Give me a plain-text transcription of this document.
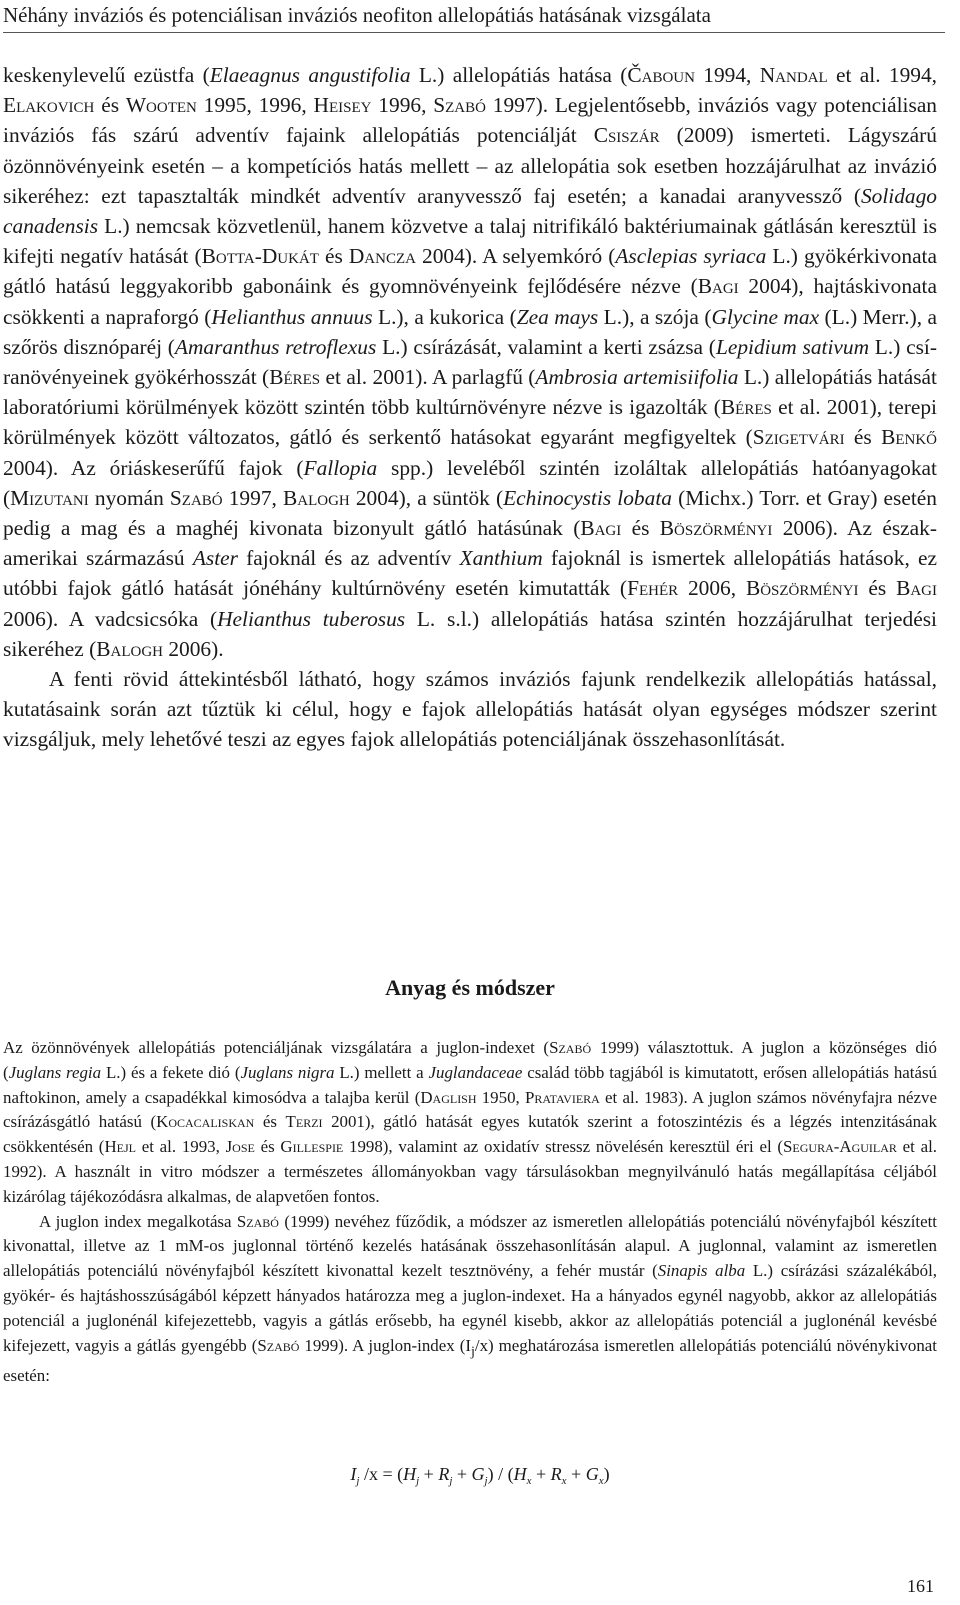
Néhány inváziós és potenciálisan inváziós neofiton allelopátiás hatásának vizsgálata

keskenylevelű ezüstfa (Elaeagnus angustifolia L.) allelopátiás hatása (Čaboun 1994, Nandal et al. 1994, Elakovich és Wooten 1995, 1996, Heisey 1996, Szabó 1997). Legjelentősebb, inváziós vagy potenciálisan inváziós fás szárú adventív fajaink allelopátiás potenciálját Csiszár (2009) ismerteti. Lágyszárú özönnövényeink esetén – a kompetíciós hatás mellett – az allelopátia sok esetben hozzájárulhat az invázió sikeréhez: ezt tapasztalták mindkét adventív aranyvessző faj esetén; a kanadai aranyvessző (Solidago canadensis L.) nemcsak közvetlenül, hanem közvetve a talaj nitrifikáló baktériumainak gátlásán keresztül is kifejti negatív hatását (Botta-Dukát és Dancza 2004). A selyemkóró (Asclepias syriaca L.) gyökérkivonata gátló hatású leggyakoribb gabonáink és gyomnövényeink fejlődésére nézve (Bagi 2004), hajtáskivonata csökkenti a napraforgó (Helianthus annuus L.), a kukorica (Zea mays L.), a szója (Glycine max (L.) Merr.), a szőrös disznóparéj (Amaranthus retroflexus L.) csírázását, valamint a kerti zsázsa (Lepidium sativum L.) csíranövényeinek gyökérhosszát (Béres et al. 2001). A parlagfű (Ambrosia artemisiifolia L.) allelopátiás hatását laboratóriumi körülmények között szintén több kultúrnövényre nézve is igazolták (Béres et al. 2001), terepi körülmények között változatos, gátló és serkentő hatásokat egyaránt megfigyeltek (Szigetvári és Benkő 2004). Az óriáskeserűfű fajok (Fallopia spp.) leveléből szintén izoláltak allelopátiás hatóanyagokat (Mizutani nyomán Szabó 1997, Balogh 2004), a süntök (Echinocystis lobata (Michx.) Torr. et Gray) esetén pedig a mag és a maghéj kivonata bizonyult gátló hatásúnak (Bagi és Böszörményi 2006). Az észak-amerikai származású Aster fajoknál és az adventív Xanthium fajoknál is ismertek allelopátiás hatások, ez utóbbi fajok gátló hatását jónéhány kultúrnövény esetén kimutatták (Fehér 2006, Böszörményi és Bagi 2006). A vadcsicsóka (Helianthus tuberosus L. s.l.) allelopátiás hatása szintén hozzájárulhat terjedési sikeréhez (Balogh 2006).

A fenti rövid áttekintésből látható, hogy számos inváziós fajunk rendelkezik allelopátiás hatással, kutatásaink során azt tűztük ki célul, hogy e fajok allelopátiás hatását olyan egységes módszer szerint vizsgáljuk, mely lehetővé teszi az egyes fajok allelopátiás potenciáljának összehasonlítását.

Anyag és módszer

Az özönnövények allelopátiás potenciáljának vizsgálatára a juglon-indexet (Szabó 1999) választottuk. A juglon a közönséges dió (Juglans regia L.) és a fekete dió (Juglans nigra L.) mellett a Juglandaceae család több tagjából is kimutatott, erősen allelopátiás hatású naftokinon, amely a csapadékkal kimosódva a talajba kerül (Daglish 1950, Prataviera et al. 1983). A juglon számos növényfajra nézve csírázásgátló hatású (Kocacaliskan és Terzi 2001), gátló hatását egyes kutatók szerint a fotoszintézis és a légzés intenzitásának csökkentésén (Hejl et al. 1993, Jose és Gillespie 1998), valamint az oxidatív stressz növelésén keresztül éri el (Segura-Aguilar et al. 1992). A használt in vitro módszer a természetes állományokban vagy társulásokban megnyilvánuló hatás megállapítása céljából kizárólag tájékozódásra alkalmas, de alapvetően fontos.

A juglon index megalkotása Szabó (1999) nevéhez fűződik, a módszer az ismeretlen allelopátiás potenciálú növényfajból készített kivonattal, illetve az 1 mM-os juglonnal történő kezelés hatásának összehasonlításán alapul. A juglonnal, valamint az ismeretlen allelopátiás potenciálú növényfajból készített kivonattal kezelt tesztnövény, a fehér mustár (Sinapis alba L.) csírázási százalékából, gyökér- és hajtáshosszúságából képzett hányados határozza meg a juglon-indexet. Ha a hányados egynél nagyobb, akkor az allelopátiás potenciál a juglonénál kifejezettebb, vagyis a gátlás erősebb, ha egynél kisebb, akkor az allelopátiás potenciál a juglonénál kevésbé kifejezett, vagyis a gátlás gyengébb (Szabó 1999). A juglon-index $(I_j/x)$ meghatározása ismeretlen allelopátiás potenciálú növénykivonat esetén:

$I_j$ $/x = (H_j + R_j + G_j) / (H_x + R_x + G_x)$
161
